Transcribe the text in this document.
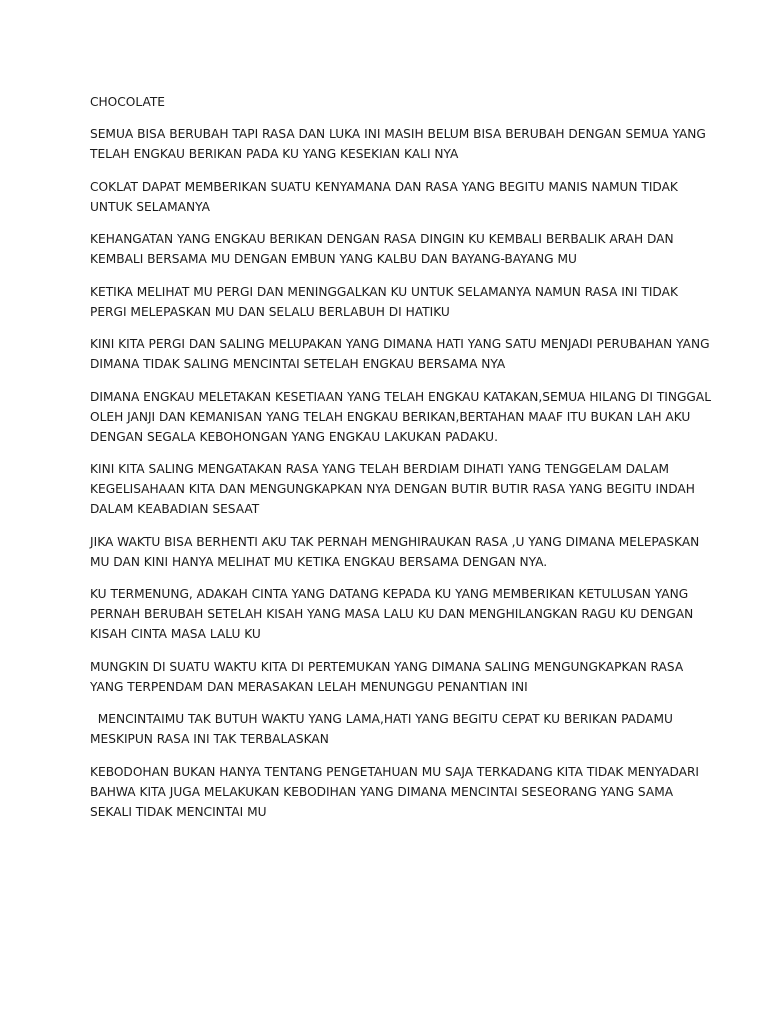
CHOCOLATE
SEMUA BISA BERUBAH TAPI RASA DAN LUKA INI MASIH BELUM BISA BERUBAH DENGAN SEMUA YANG
TELAH ENGKAU BERIKAN PADA KU YANG KESEKIAN KALI NYA
COKLAT DAPAT MEMBERIKAN SUATU KENYAMANA DAN RASA YANG BEGITU MANIS NAMUN TIDAK
UNTUK SELAMANYA
KEHANGATAN YANG ENGKAU BERIKAN DENGAN RASA DINGIN KU KEMBALI BERBALIK ARAH DAN
KEMBALI BERSAMA MU DENGAN EMBUN YANG KALBU DAN BAYANG-BAYANG MU
KETIKA MELIHAT MU PERGI DAN MENINGGALKAN KU UNTUK SELAMANYA NAMUN RASA INI TIDAK
PERGI MELEPASKAN MU DAN SELALU BERLABUH DI HATIKU
KINI KITA PERGI DAN SALING MELUPAKAN YANG DIMANA HATI YANG SATU MENJADI PERUBAHAN YANG
DIMANA TIDAK SALING MENCINTAI SETELAH ENGKAU BERSAMA NYA
DIMANA ENGKAU MELETAKAN KESETIAAN YANG TELAH ENGKAU KATAKAN,SEMUA HILANG DI TINGGAL
OLEH JANJI DAN KEMANISAN YANG TELAH ENGKAU BERIKAN,BERTAHAN MAAF ITU BUKAN LAH AKU
DENGAN SEGALA KEBOHONGAN YANG ENGKAU LAKUKAN PADAKU.
KINI KITA SALING MENGATAKAN RASA YANG TELAH BERDIAM DIHATI YANG TENGGELAM DALAM
KEGELISAHAAN KITA DAN MENGUNGKAPKAN NYA DENGAN BUTIR BUTIR RASA YANG BEGITU INDAH
DALAM KEABADIAN SESAAT
JIKA WAKTU BISA BERHENTI AKU TAK PERNAH MENGHIRAUKAN RASA ,U YANG DIMANA MELEPASKAN
MU DAN KINI HANYA MELIHAT MU KETIKA ENGKAU BERSAMA DENGAN NYA.
KU TERMENUNG, ADAKAH CINTA YANG DATANG KEPADA KU YANG MEMBERIKAN KETULUSAN YANG
PERNAH BERUBAH SETELAH KISAH YANG MASA LALU KU DAN MENGHILANGKAN RAGU KU DENGAN
KISAH CINTA MASA LALU KU
MUNGKIN DI SUATU WAKTU KITA DI PERTEMUKAN YANG DIMANA SALING MENGUNGKAPKAN RASA
YANG TERPENDAM DAN MERASAKAN LELAH MENUNGGU PENANTIAN INI
MENCINTAIMU TAK BUTUH WAKTU YANG LAMA,HATI YANG BEGITU CEPAT KU BERIKAN PADAMU
MESKIPUN RASA INI TAK TERBALASKAN
KEBODOHAN BUKAN HANYA TENTANG PENGETAHUAN MU SAJA TERKADANG KITA TIDAK MENYADARI
BAHWA KITA JUGA MELAKUKAN KEBODIHAN YANG DIMANA MENCINTAI SESEORANG YANG SAMA
SEKALI TIDAK MENCINTAI MU
